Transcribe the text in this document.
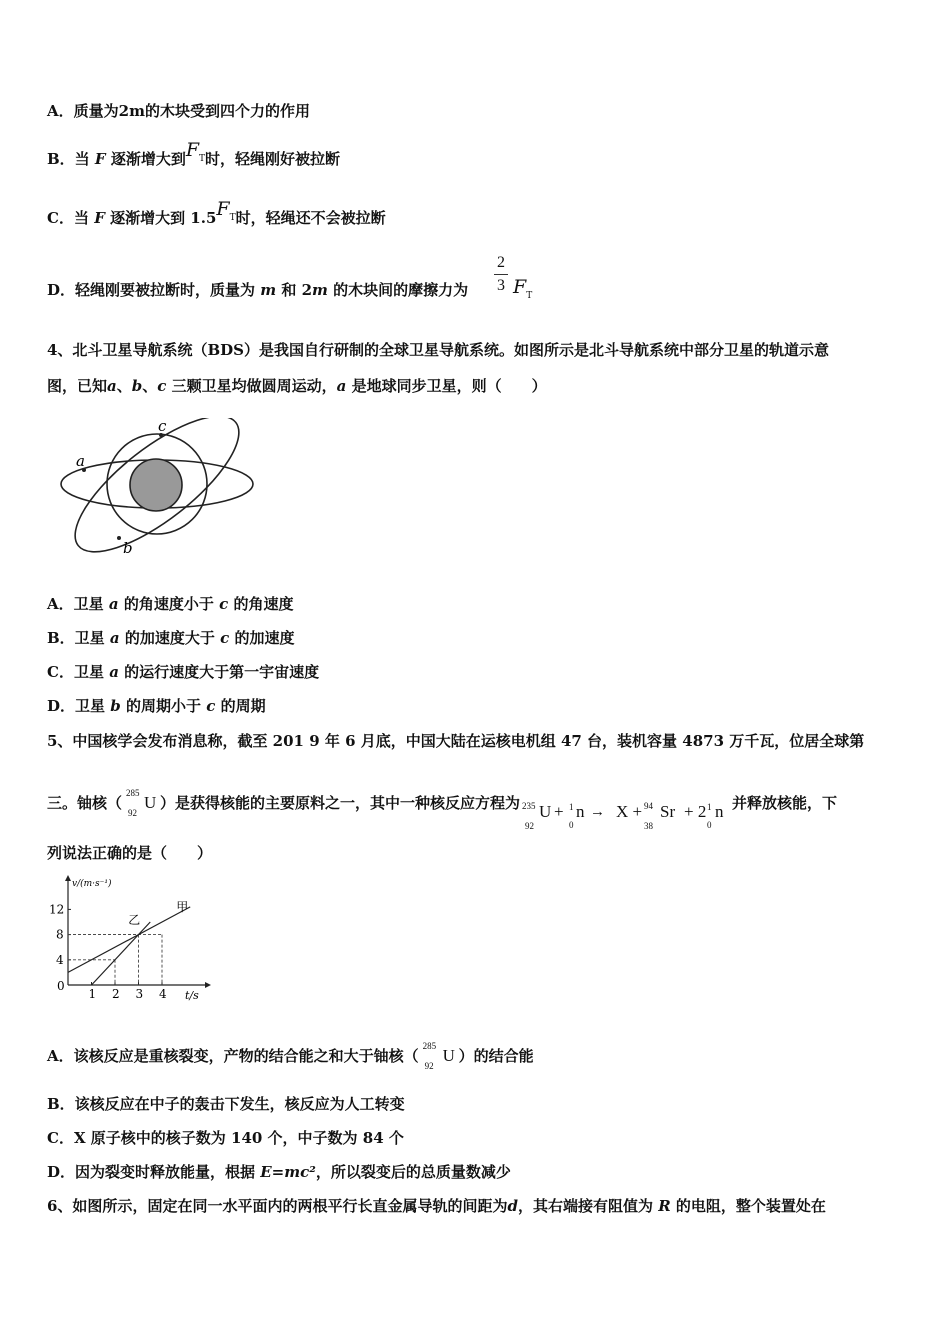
A．质量为2m的木块受到四个力的作用
B．当 F 逐渐增大到$F_T$时，轻绳刚好被拉断
C．当 F 逐渐增大到 $1.5F_T$时，轻绳还不会被拉断
D．轻绳刚要被拉断时，质量为 m 和 2m 的木块间的摩擦力为
2
3 $F_T$
4、北斗卫星导航系统（BDS）是我国自行研制的全球卫星导航系统。如图所示是北斗导航系统中部分卫星的轨道示意
图，已知a、b、c 三颗卫星均做圆周运动，a 是地球同步卫星，则（　　）
a
c
b
A．卫星 a 的角速度小于 c 的角速度
B．卫星 a 的加速度大于 c 的加速度
C．卫星 a 的运行速度大于第一宇宙速度
D．卫星 b 的周期小于 c 的周期
5、中国核学会发布消息称，截至 201 9 年 6 月底，中国大陆在运核电机组 47 台，装机容量 4873 万千瓦，位居全球第
三。铀核（
285
92
U ）是获得核能的主要原料之一，其中一种核反应方程为 235
92
U + 1
0
n → X + 94
38
Sr + 2 1
0
n 并释放核能，下
列说法正确的是（　　）
1 2 3 4
4
8
12	甲
乙
v/(m·s⁻¹)
t/s
0
A．该核反应是重核裂变，产物的结合能之和大于铀核（
285
92
U ）的结合能
B．该核反应在中子的轰击下发生，核反应为人工转变
C．X 原子核中的核子数为 140 个，中子数为 84 个
D．因为裂变时释放能量，根据 E=mc²，所以裂变后的总质量数减少
6、如图所示，固定在同一水平面内的两根平行长直金属导轨的间距为d，其右端接有阻值为 R 的电阻，整个装置处在
